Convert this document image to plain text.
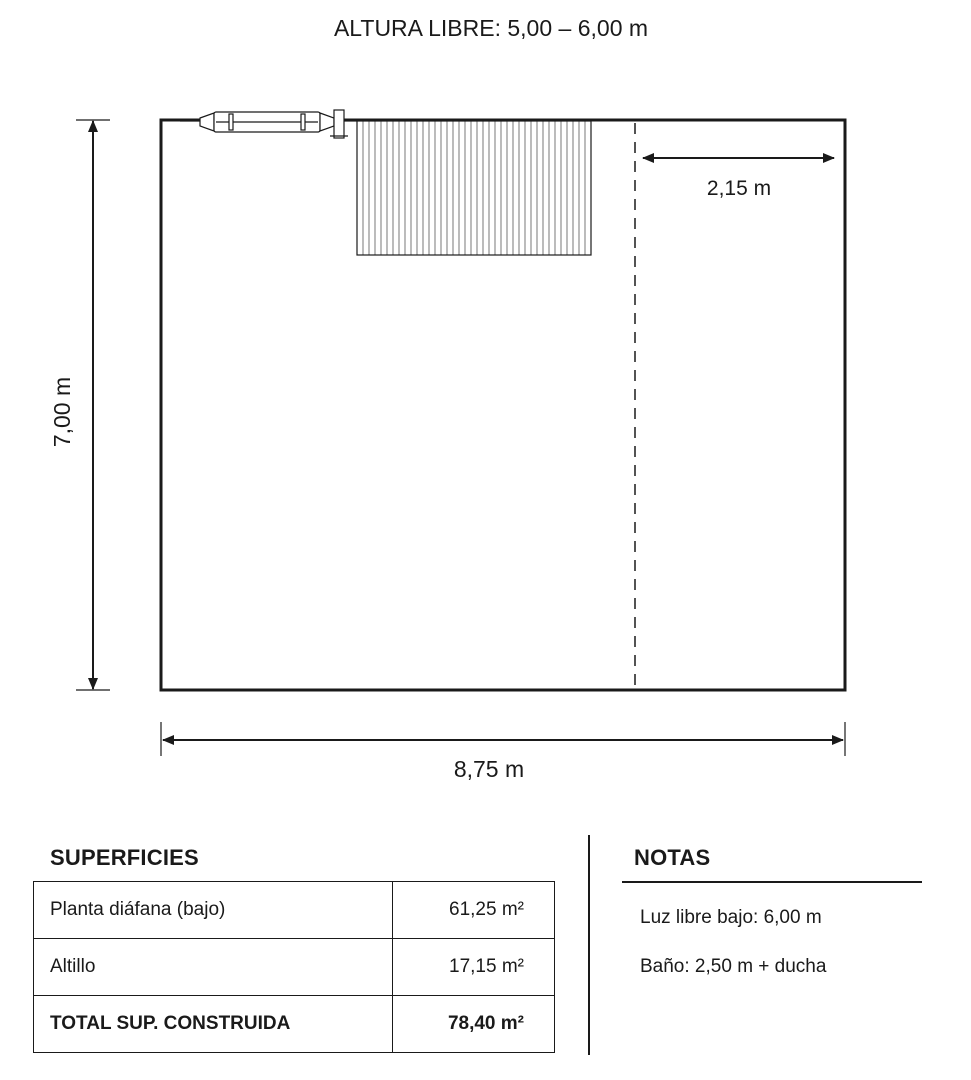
ALTURA LIBRE: 5,00 – 6,00 m
2,15 m
7,00 m
8,75 m
SUPERFICIES
Planta diáfana (bajo)	61,25 m²
Altillo	17,15 m²
TOTAL SUP. CONSTRUIDA	78,40 m²
NOTAS
Luz libre bajo: 6,00 m
Baño: 2,50 m + ducha
